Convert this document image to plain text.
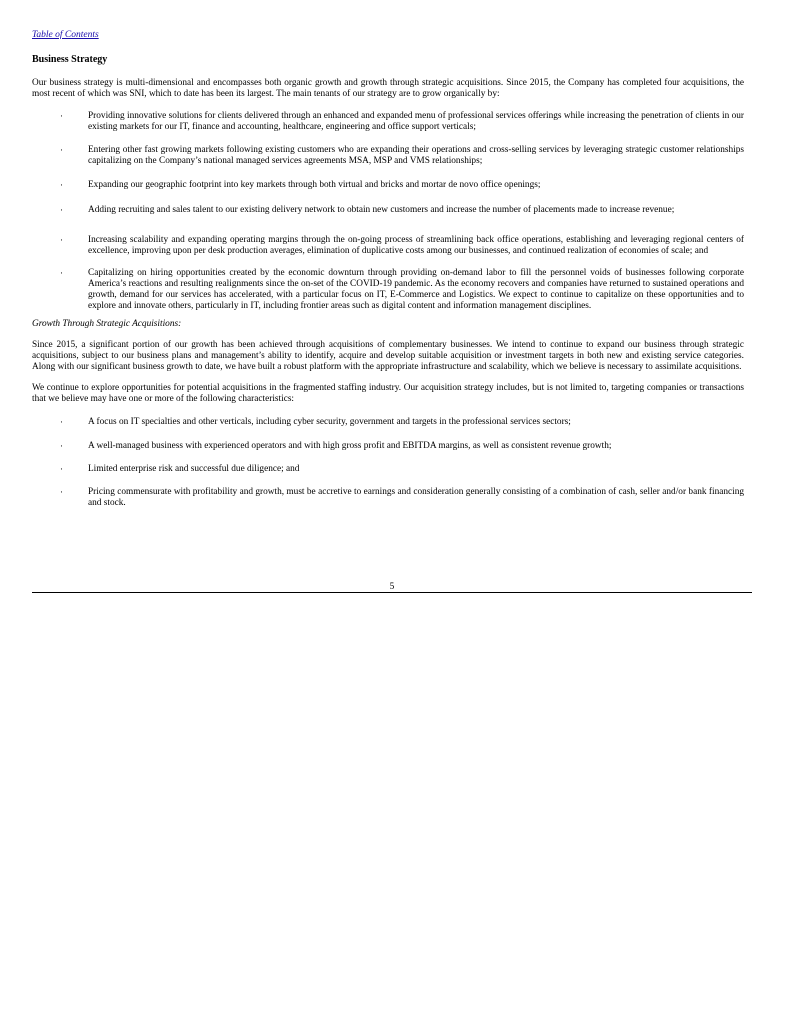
Table of Contents
Business Strategy

Our business strategy is multi-dimensional and encompasses both organic growth and growth through strategic acquisitions. Since 2015, the Company has completed four acquisitions, the most recent of which was SNI, which to date has been its largest. The main tenants of our strategy are to grow organically by:

·	Providing innovative solutions for clients delivered through an enhanced and expanded menu of professional services offerings while increasing the penetration of clients in our existing markets for our IT, finance and accounting, healthcare, engineering and office support verticals;
·	Entering other fast growing markets following existing customers who are expanding their operations and cross-selling services by leveraging strategic customer relationships capitalizing on the Company’s national managed services agreements MSA, MSP and VMS relationships;
·	Expanding our geographic footprint into key markets through both virtual and bricks and mortar de novo office openings;
·	Adding recruiting and sales talent to our existing delivery network to obtain new customers and increase the number of placements made to increase revenue;
·	Increasing scalability and expanding operating margins through the on-going process of streamlining back office operations, establishing and leveraging regional centers of excellence, improving upon per desk production averages, elimination of duplicative costs among our businesses, and continued realization of economies of scale; and
·	Capitalizing on hiring opportunities created by the economic downturn through providing on-demand labor to fill the personnel voids of businesses following corporate America’s reactions and resulting realignments since the on-set of the COVID-19 pandemic. As the economy recovers and companies have returned to sustained operations and growth, demand for our services has accelerated, with a particular focus on IT, E-Commerce and Logistics. We expect to continue to capitalize on these opportunities and to explore and innovate others, particularly in IT, including frontier areas such as digital content and information management disciplines.
Growth Through Strategic Acquisitions:

Since 2015, a significant portion of our growth has been achieved through acquisitions of complementary businesses. We intend to continue to expand our business through strategic acquisitions, subject to our business plans and management’s ability to identify, acquire and develop suitable acquisition or investment targets in both new and existing service categories. Along with our significant business growth to date, we have built a robust platform with the appropriate infrastructure and scalability, which we believe is necessary to assimilate acquisitions.

We continue to explore opportunities for potential acquisitions in the fragmented staffing industry. Our acquisition strategy includes, but is not limited to, targeting companies or transactions that we believe may have one or more of the following characteristics:

·	A focus on IT specialties and other verticals, including cyber security, government and targets in the professional services sectors;
·	A well-managed business with experienced operators and with high gross profit and EBITDA margins, as well as consistent revenue growth;
·	Limited enterprise risk and successful due diligence; and
·	Pricing commensurate with profitability and growth, must be accretive to earnings and consideration generally consisting of a combination of cash, seller and/or bank financing and stock.
5
